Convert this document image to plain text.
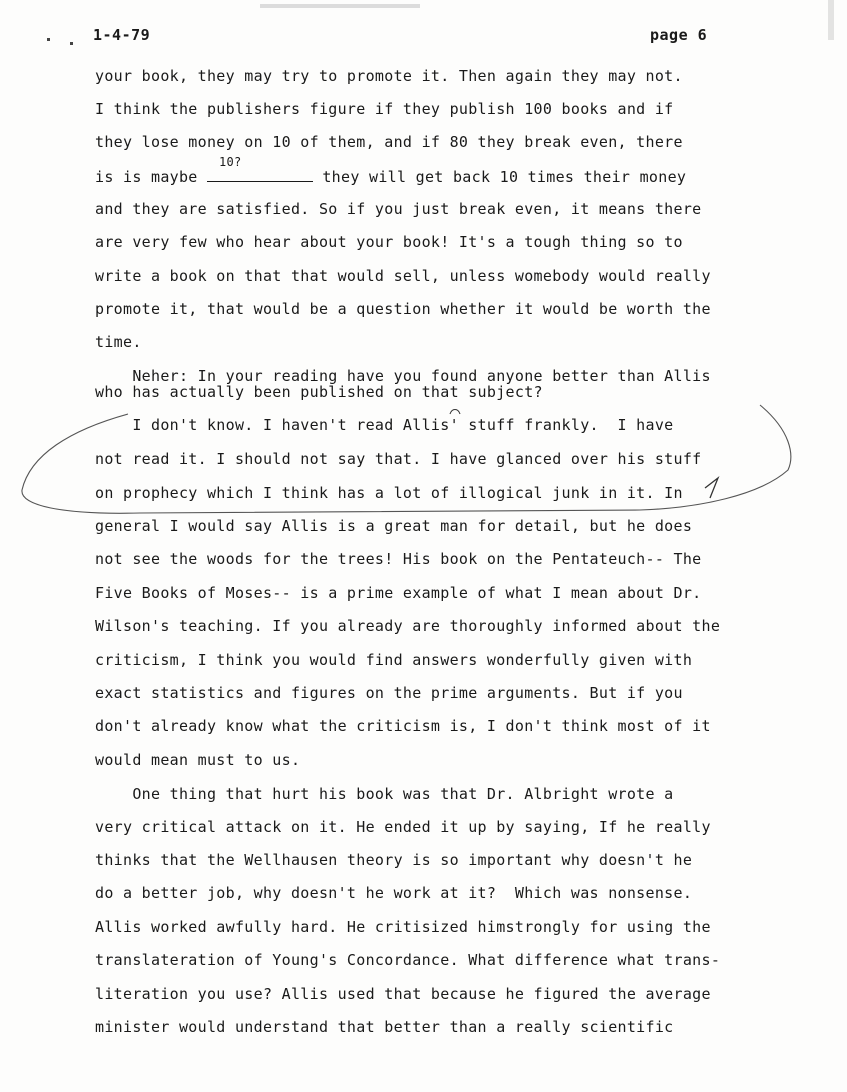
1-4-79	page 6
your book, they may try to promote it. Then again they may not.
I think the publishers figure if they publish 100 books and if
they lose money on 10 of them, and if 80 they break even, there
is is maybe
10?
they will get back 10 times their money
and they are satisfied. So if you just break even, it means there
are very few who hear about your book! It's a tough thing so to
write a book on that that would sell, unless womebody would really
promote it, that would be a question whether it would be worth the
time.
Neher: In your reading have you found anyone better than Allis
who has actually been published on that subject?
I don't know. I haven't read Allis' stuff frankly.  I have
not read it. I should not say that. I have glanced over his stuff
on prophecy which I think has a lot of illogical junk in it. In
general I would say Allis is a great man for detail, but he does
not see the woods for the trees! His book on the Pentateuch-- The
Five Books of Moses-- is a prime example of what I mean about Dr.
Wilson's teaching. If you already are thoroughly informed about the
criticism, I think you would find answers wonderfully given with
exact statistics and figures on the prime arguments. But if you
don't already know what the criticism is, I don't think most of it
would mean must to us.
One thing that hurt his book was that Dr. Albright wrote a
very critical attack on it. He ended it up by saying, If he really
thinks that the Wellhausen theory is so important why doesn't he
do a better job, why doesn't he work at it?  Which was nonsense.
Allis worked awfully hard. He critisized himstrongly for using the
translateration of Young's Concordance. What difference what trans-
literation you use? Allis used that because he figured the average
minister would understand that better than a really scientific
